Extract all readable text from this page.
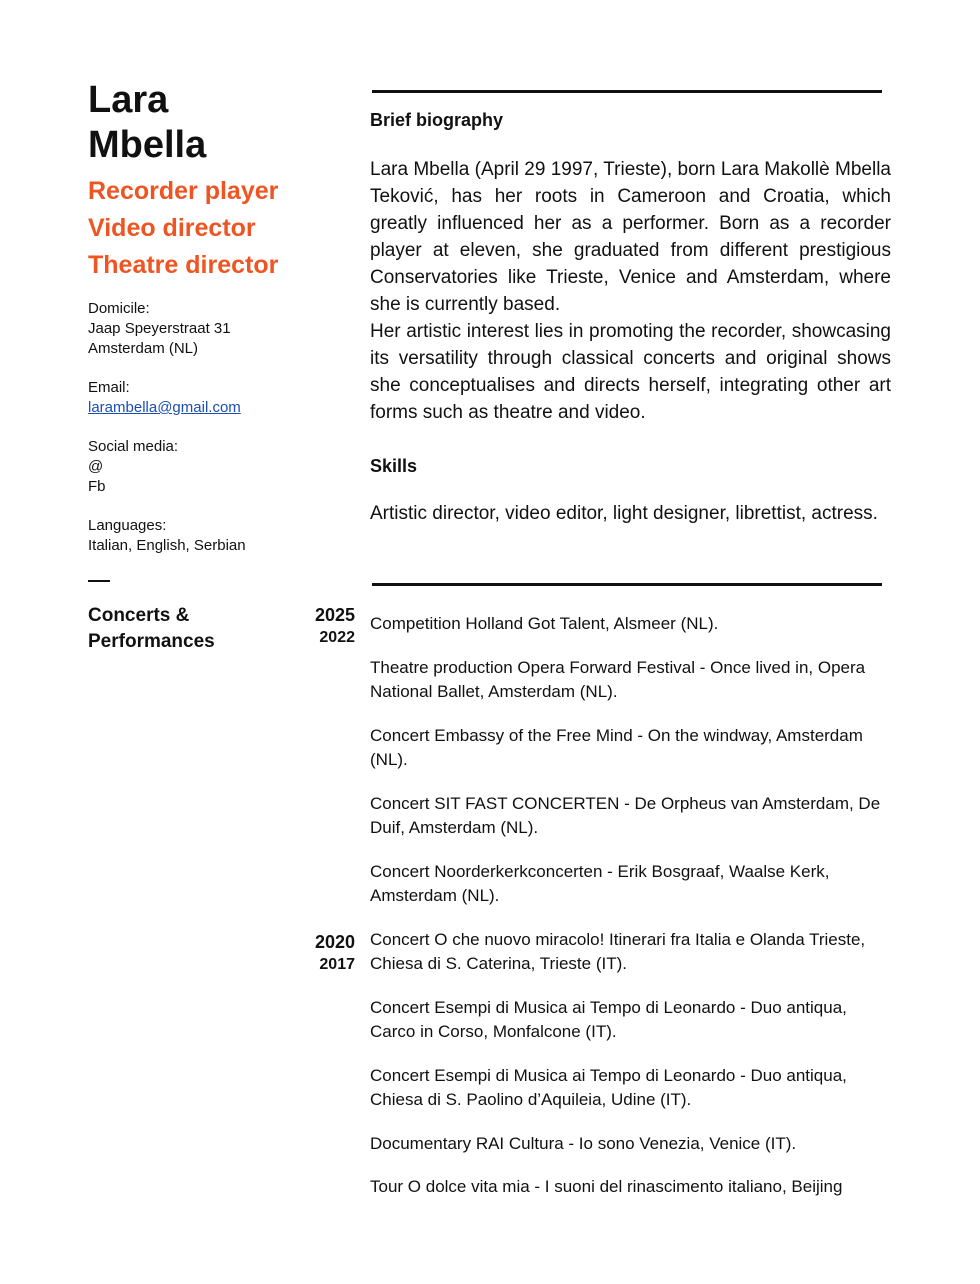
Lara
Mbella
Recorder player
Video director
Theatre director
Domicile:
Jaap Speyerstraat 31
Amsterdam (NL)
Email:
larambella@gmail.com
Social media:
@
Fb
Languages:
Italian, English, Serbian
Concerts &
Performances
2025
2022
2020
2017
Brief biography

Lara Mbella (April 29 1997, Trieste), born Lara Makollè Mbella Teković, has her roots in Cameroon and Croatia, which greatly influenced her as a performer. Born as a recorder player at eleven, she graduated from different prestigious Conservatories like Trieste, Venice and Amsterdam, where she is currently based.

Her artistic interest lies in promoting the recorder, showcasing its versatility through classical concerts and original shows she conceptualises and directs herself, integrating other art forms such as theatre and video.

Skills
Artistic director, video editor, light designer, librettist, actress.

Competition Holland Got Talent, Alsmeer (NL).

Theatre production Opera Forward Festival - Once lived in, Opera National Ballet, Amsterdam (NL).

Concert Embassy of the Free Mind - On the windway, Amsterdam (NL).

Concert SIT FAST CONCERTEN - De Orpheus van Amsterdam, De Duif, Amsterdam (NL).

Concert Noorderkerkconcerten - Erik Bosgraaf, Waalse Kerk, Amsterdam (NL).

Concert O che nuovo miracolo! Itinerari fra Italia e Olanda Trieste, Chiesa di S. Caterina, Trieste (IT).

Concert Esempi di Musica ai Tempo di Leonardo - Duo antiqua, Carco in Corso, Monfalcone (IT).

Concert Esempi di Musica ai Tempo di Leonardo - Duo antiqua, Chiesa di S. Paolino d’Aquileia, Udine (IT).

Documentary RAI Cultura - Io sono Venezia, Venice (IT).

Tour O dolce vita mia - I suoni del rinascimento italiano, Beijing
